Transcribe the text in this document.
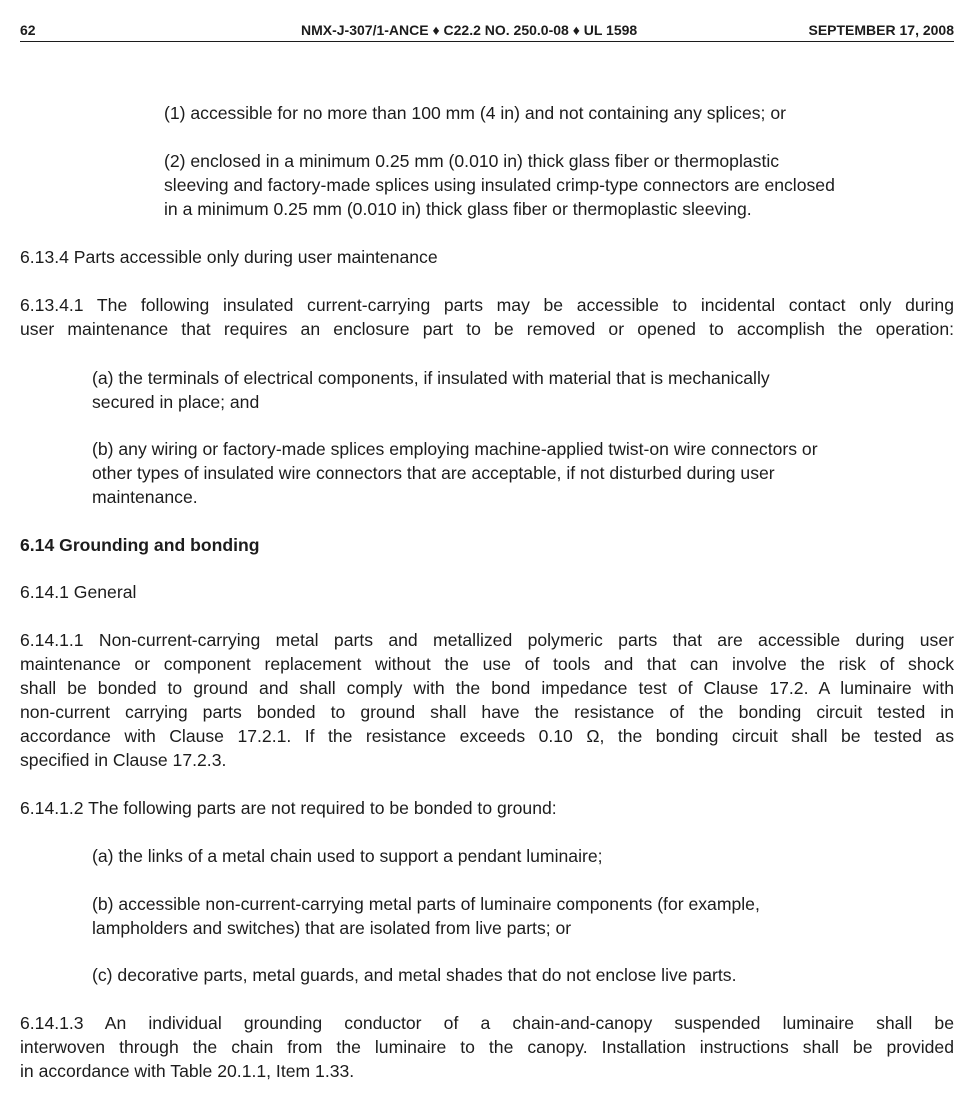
62	NMX-J-307/1-ANCE ♦ C22.2 NO. 250.0-08 ♦ UL 1598	SEPTEMBER 17, 2008
(1) accessible for no more than 100 mm (4 in) and not containing any splices; or
(2) enclosed in a minimum 0.25 mm (0.010 in) thick glass fiber or thermoplastic
sleeving and factory-made splices using insulated crimp-type connectors are enclosed
in a minimum 0.25 mm (0.010 in) thick glass fiber or thermoplastic sleeving.
6.13.4 Parts accessible only during user maintenance
6.13.4.1 The following insulated current-carrying parts may be accessible to incidental contact only during
user maintenance that requires an enclosure part to be removed or opened to accomplish the operation:
(a) the terminals of electrical components, if insulated with material that is mechanically
secured in place; and
(b) any wiring or factory-made splices employing machine-applied twist-on wire connectors or
other types of insulated wire connectors that are acceptable, if not disturbed during user
maintenance.
6.14 Grounding and bonding
6.14.1 General
6.14.1.1 Non-current-carrying metal parts and metallized polymeric parts that are accessible during user
maintenance or component replacement without the use of tools and that can involve the risk of shock
shall be bonded to ground and shall comply with the bond impedance test of Clause 17.2. A luminaire with
non-current carrying parts bonded to ground shall have the resistance of the bonding circuit tested in
accordance with Clause 17.2.1. If the resistance exceeds 0.10 Ω, the bonding circuit shall be tested as
specified in Clause 17.2.3.
6.14.1.2 The following parts are not required to be bonded to ground:
(a) the links of a metal chain used to support a pendant luminaire;
(b) accessible non-current-carrying metal parts of luminaire components (for example,
lampholders and switches) that are isolated from live parts; or
(c) decorative parts, metal guards, and metal shades that do not enclose live parts.
6.14.1.3 An individual grounding conductor of a chain-and-canopy suspended luminaire shall be
interwoven through the chain from the luminaire to the canopy. Installation instructions shall be provided
in accordance with Table 20.1.1, Item 1.33.
